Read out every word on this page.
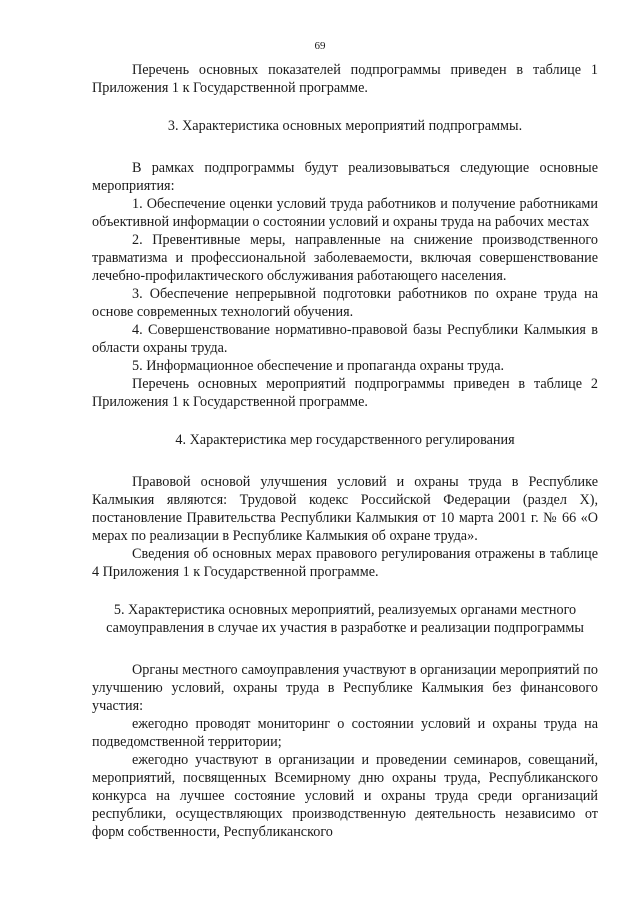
69

Перечень основных показателей подпрограммы приведен в таблице 1 Приложения 1 к Государственной программе.

3. Характеристика основных мероприятий подпрограммы.

В рамках подпрограммы будут реализовываться следующие основные мероприятия:

1. Обеспечение оценки условий труда работников и получение работниками объективной информации о состоянии условий и охраны труда на рабочих местах

2. Превентивные меры, направленные на снижение производственного травматизма и профессиональной заболеваемости, включая совершенствование лечебно-профилактического обслуживания работающего населения.

3. Обеспечение непрерывной подготовки работников по охране труда на основе современных технологий обучения.

4. Совершенствование нормативно-правовой базы Республики Калмыкия в области охраны труда.

5. Информационное обеспечение и пропаганда охраны труда.

Перечень основных мероприятий подпрограммы приведен в таблице 2 Приложения 1 к Государственной программе.

4. Характеристика мер государственного регулирования

Правовой основой улучшения условий и охраны труда в Республике Калмыкия являются: Трудовой кодекс Российской Федерации (раздел X), постановление Правительства Республики Калмыкия от 10 марта 2001 г. № 66 «О мерах по реализации в Республике Калмыкия об охране труда».

Сведения об основных мерах правового регулирования отражены в таблице 4 Приложения 1 к Государственной программе.

5. Характеристика основных мероприятий, реализуемых органами местного самоуправления в случае их участия в разработке и реализации подпрограммы

Органы местного самоуправления участвуют в организации мероприятий по улучшению условий, охраны труда в Республике Калмыкия без финансового участия:

ежегодно проводят мониторинг о состоянии условий и охраны труда на подведомственной территории;

ежегодно участвуют в организации и проведении семинаров, совещаний, мероприятий, посвященных Всемирному дню охраны труда, Республиканского конкурса на лучшее состояние условий и охраны труда среди организаций республики, осуществляющих производственную деятельность независимо от форм собственности, Республиканского
